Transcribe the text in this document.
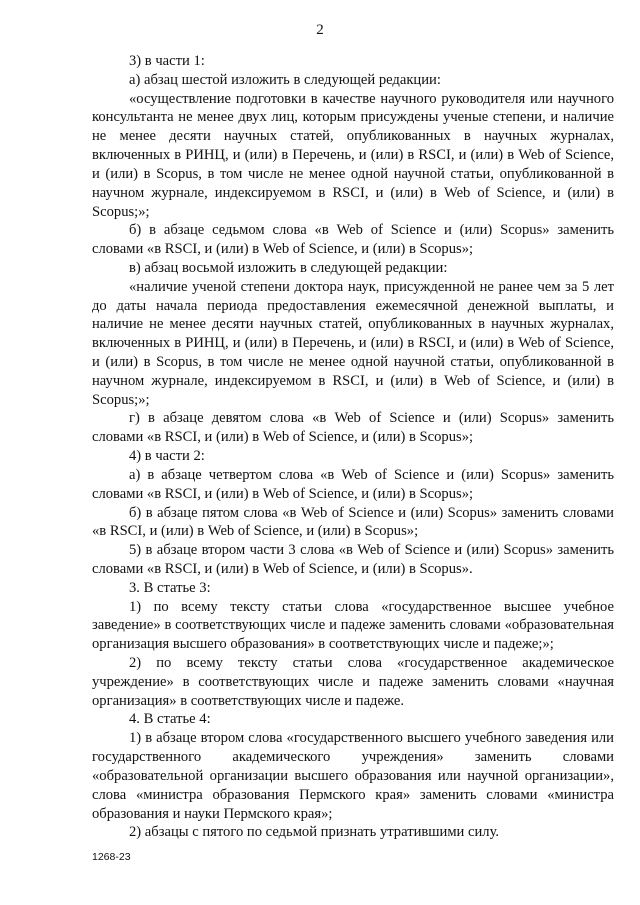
2

3) в части 1:

а) абзац шестой изложить в следующей редакции:

«осуществление подготовки в качестве научного руководителя или научного консультанта не менее двух лиц, которым присуждены ученые степени, и наличие не менее десяти научных статей, опубликованных в научных журналах, включенных в РИНЦ, и (или) в Перечень, и (или) в RSCI, и (или) в Web of Science, и (или) в Scopus, в том числе не менее одной научной статьи, опубликованной в научном журнале, индексируемом в RSCI, и (или) в Web of Science, и (или) в Scopus;»;

б) в абзаце седьмом слова «в Web of Science и (или) Scopus» заменить словами «в RSCI, и (или) в Web of Science, и (или) в Scopus»;

в) абзац восьмой изложить в следующей редакции:

«наличие ученой степени доктора наук, присужденной не ранее чем за 5 лет до даты начала периода предоставления ежемесячной денежной выплаты, и наличие не менее десяти научных статей, опубликованных в научных журналах, включенных в РИНЦ, и (или) в Перечень, и (или) в RSCI, и (или) в Web of Science, и (или) в Scopus, в том числе не менее одной научной статьи, опубликованной в научном журнале, индексируемом в RSCI, и (или) в Web of Science, и (или) в Scopus;»;

г) в абзаце девятом слова «в Web of Science и (или) Scopus» заменить словами «в RSCI, и (или) в Web of Science, и (или) в Scopus»;

4) в части 2:

а) в абзаце четвертом слова «в Web of Science и (или) Scopus» заменить словами «в RSCI, и (или) в Web of Science, и (или) в Scopus»;

б) в абзаце пятом слова «в Web of Science и (или) Scopus» заменить словами «в RSCI, и (или) в Web of Science, и (или) в Scopus»;

5) в абзаце втором части 3 слова «в Web of Science и (или) Scopus» заменить словами «в RSCI, и (или) в Web of Science, и (или) в Scopus».

3. В статье 3:

1) по всему тексту статьи слова «государственное высшее учебное заведение» в соответствующих числе и падеже заменить словами «образовательная организация высшего образования» в соответствующих числе и падеже;»;

2) по всему тексту статьи слова «государственное академическое учреждение» в соответствующих числе и падеже заменить словами «научная организация» в соответствующих числе и падеже.

4. В статье 4:

1) в абзаце втором слова «государственного высшего учебного заведения или государственного академического учреждения» заменить словами «образовательной организации высшего образования или научной организации», слова «министра образования Пермского края» заменить словами «министра образования и науки Пермского края»;

2) абзацы с пятого по седьмой признать утратившими силу.

1268-23
